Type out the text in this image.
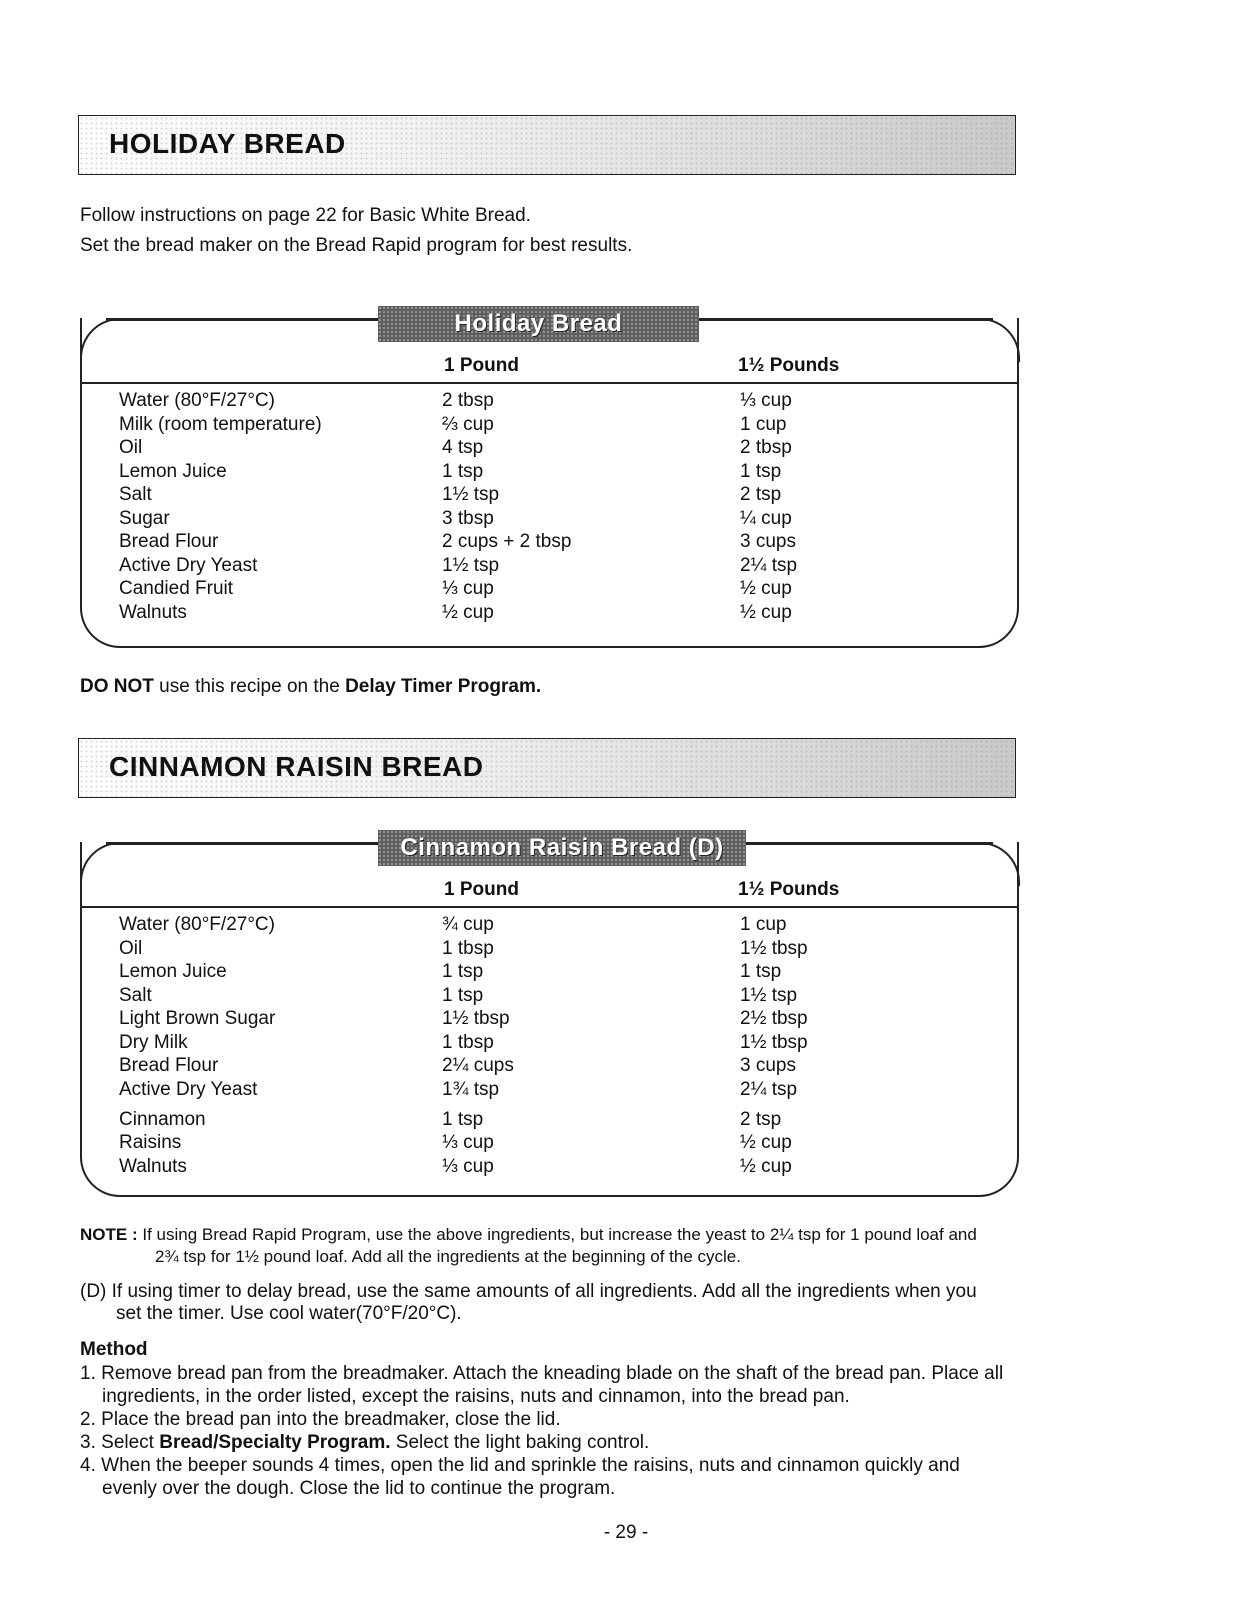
HOLIDAY BREAD
Follow instructions on page 22 for Basic White Bread.
Set the bread maker on the Bread Rapid program for best results.
Holiday Bread
1 Pound	1½ Pounds
Water (80°F/27°C)	2 tbsp	⅓ cup
Milk (room temperature)	⅔ cup	1 cup
Oil	4 tsp	2 tbsp
Lemon Juice	1 tsp	1 tsp
Salt	1½ tsp	2 tsp
Sugar	3 tbsp	¼ cup
Bread Flour	2 cups + 2 tbsp	3 cups
Active Dry Yeast	1½ tsp	2¼ tsp
Candied Fruit	⅓ cup	½ cup
Walnuts	½ cup	½ cup
DO NOT use this recipe on the Delay Timer Program.
CINNAMON RAISIN BREAD
Cinnamon Raisin Bread (D)
1 Pound	1½ Pounds
Water (80°F/27°C)	¾ cup	1 cup
Oil	1 tbsp	1½ tbsp
Lemon Juice	1 tsp	1 tsp
Salt	1 tsp	1½ tsp
Light Brown Sugar	1½ tbsp	2½ tbsp
Dry Milk	1 tbsp	1½ tbsp
Bread Flour	2¼ cups	3 cups
Active Dry Yeast	1¾ tsp	2¼ tsp
Cinnamon	1 tsp	2 tsp
Raisins	⅓ cup	½ cup
Walnuts	⅓ cup	½ cup
NOTE : If using Bread Rapid Program, use the above ingredients, but increase the yeast to 2¼ tsp for 1 pound loaf and 2¾ tsp for 1½ pound loaf. Add all the ingredients at the beginning of the cycle.
(D) If using timer to delay bread, use the same amounts of all ingredients. Add all the ingredients when you set the timer. Use cool water(70°F/20°C).
Method
1. Remove bread pan from the breadmaker. Attach the kneading blade on the shaft of the bread pan. Place all ingredients, in the order listed, except the raisins, nuts and cinnamon, into the bread pan.
2. Place the bread pan into the breadmaker, close the lid.
3. Select Bread/Specialty Program. Select the light baking control.
4. When the beeper sounds 4 times, open the lid and sprinkle the raisins, nuts and cinnamon quickly and evenly over the dough. Close the lid to continue the program.
- 29 -
